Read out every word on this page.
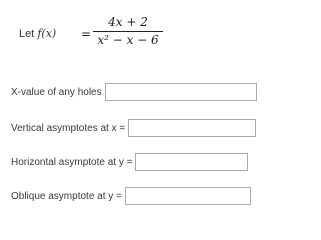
Let f(x) =
4x + 2
x² − x − 6
X-value of any holes
Vertical asymptotes at x =
Horizontal asymptote at y =
Oblique asymptote at y =
